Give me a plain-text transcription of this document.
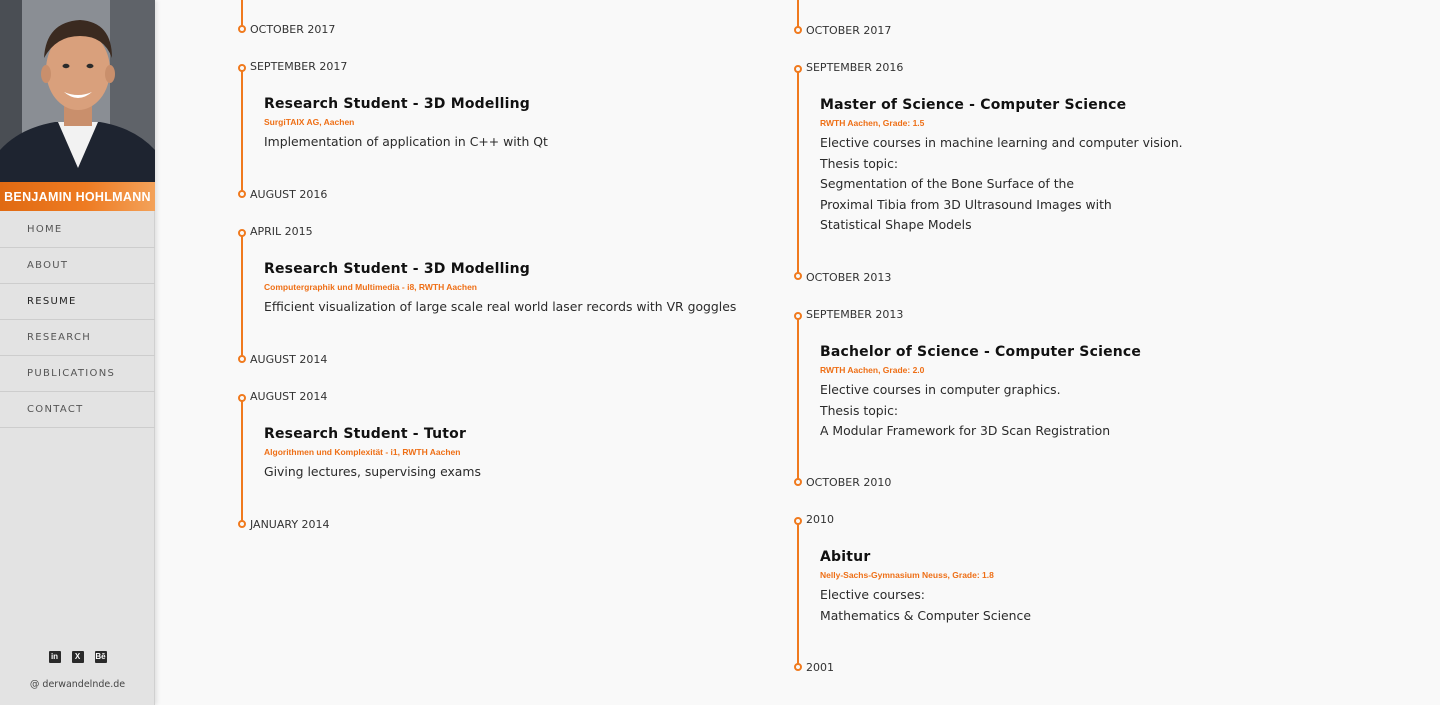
BENJAMIN HOHLMANN
HOME
ABOUT
RESUME
RESEARCH
PUBLICATIONS
CONTACT
in	X	Bē
@ derwandelnde.de
OCTOBER 2017
SEPTEMBER 2017
Research Student - 3D Modelling
SurgiTAIX AG, Aachen
Implementation of application in C++ with Qt
AUGUST 2016
APRIL 2015
Research Student - 3D Modelling
Computergraphik und Multimedia - i8, RWTH Aachen
Efficient visualization of large scale real world laser records with VR goggles
AUGUST 2014
AUGUST 2014
Research Student - Tutor
Algorithmen und Komplexität - i1, RWTH Aachen
Giving lectures, supervising exams
JANUARY 2014
OCTOBER 2017
SEPTEMBER 2016
Master of Science - Computer Science
RWTH Aachen, Grade: 1.5
Elective courses in machine learning and computer vision.
Thesis topic:
Segmentation of the Bone Surface of the
Proximal Tibia from 3D Ultrasound Images with
Statistical Shape Models
OCTOBER 2013
SEPTEMBER 2013
Bachelor of Science - Computer Science
RWTH Aachen, Grade: 2.0
Elective courses in computer graphics.
Thesis topic:
A Modular Framework for 3D Scan Registration
OCTOBER 2010
2010
Abitur
Nelly-Sachs-Gymnasium Neuss, Grade: 1.8
Elective courses:
Mathematics & Computer Science
2001
